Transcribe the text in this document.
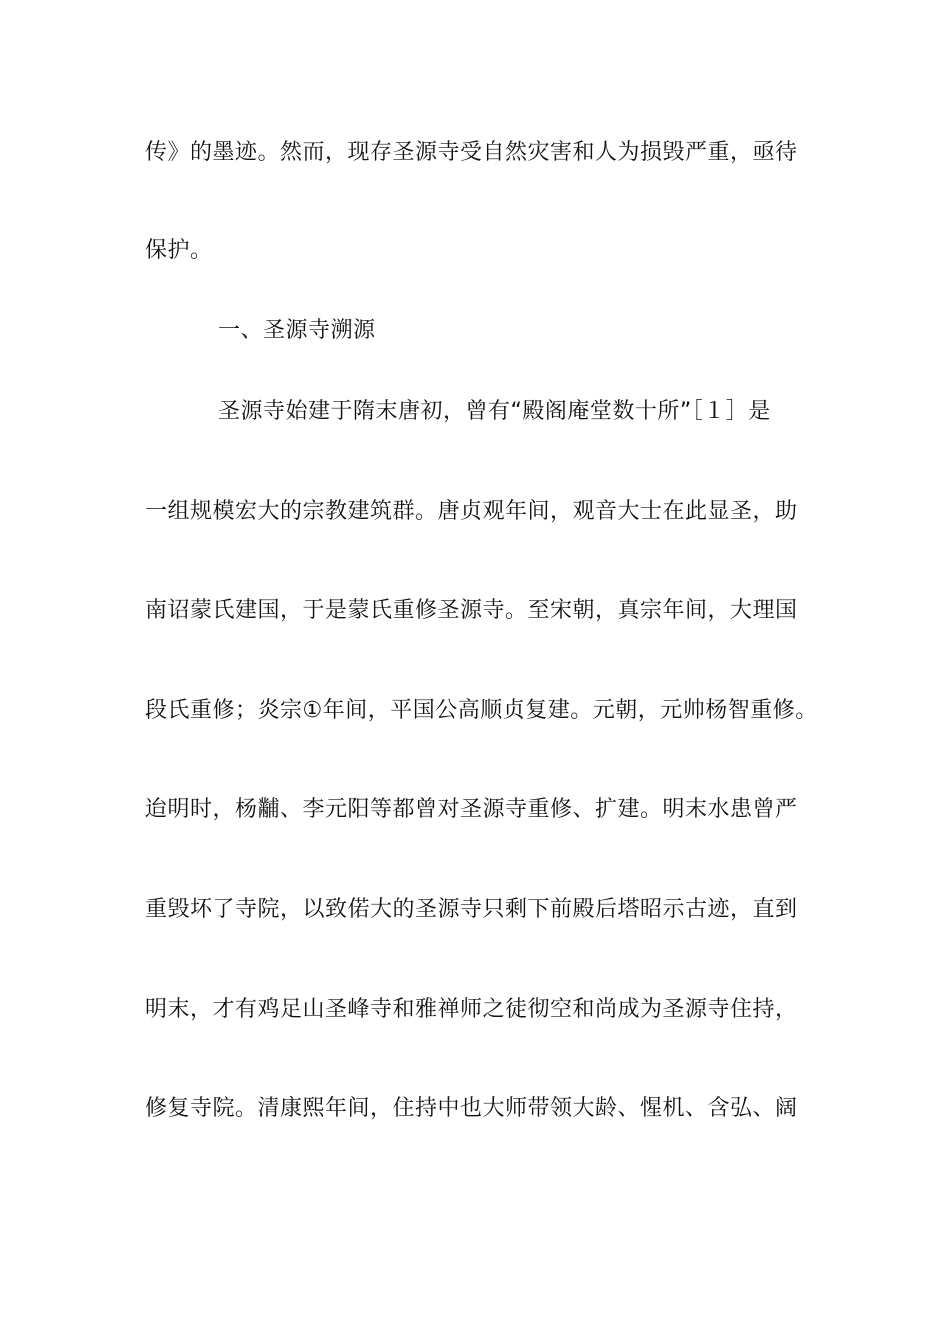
传》的墨迹。然而，现存圣源寺受自然灾害和人为损毁严重，亟待
保护。
一、圣源寺溯源
圣源寺始建于隋末唐初，曾有“殿阁庵堂数十所”［１］是
一组规模宏大的宗教建筑群。唐贞观年间，观音大士在此显圣，助
南诏蒙氏建国，于是蒙氏重修圣源寺。至宋朝，真宗年间，大理国
段氏重修；炎宗①年间，平国公高顺贞复建。元朝，元帅杨智重修。
迨明时，杨黼、李元阳等都曾对圣源寺重修、扩建。明末水患曾严
重毁坏了寺院，以致偌大的圣源寺只剩下前殿后塔昭示古迹，直到
明末，才有鸡足山圣峰寺和雅禅师之徒彻空和尚成为圣源寺住持，
修复寺院。清康熙年间，住持中也大师带领大龄、惺机、含弘、阔
